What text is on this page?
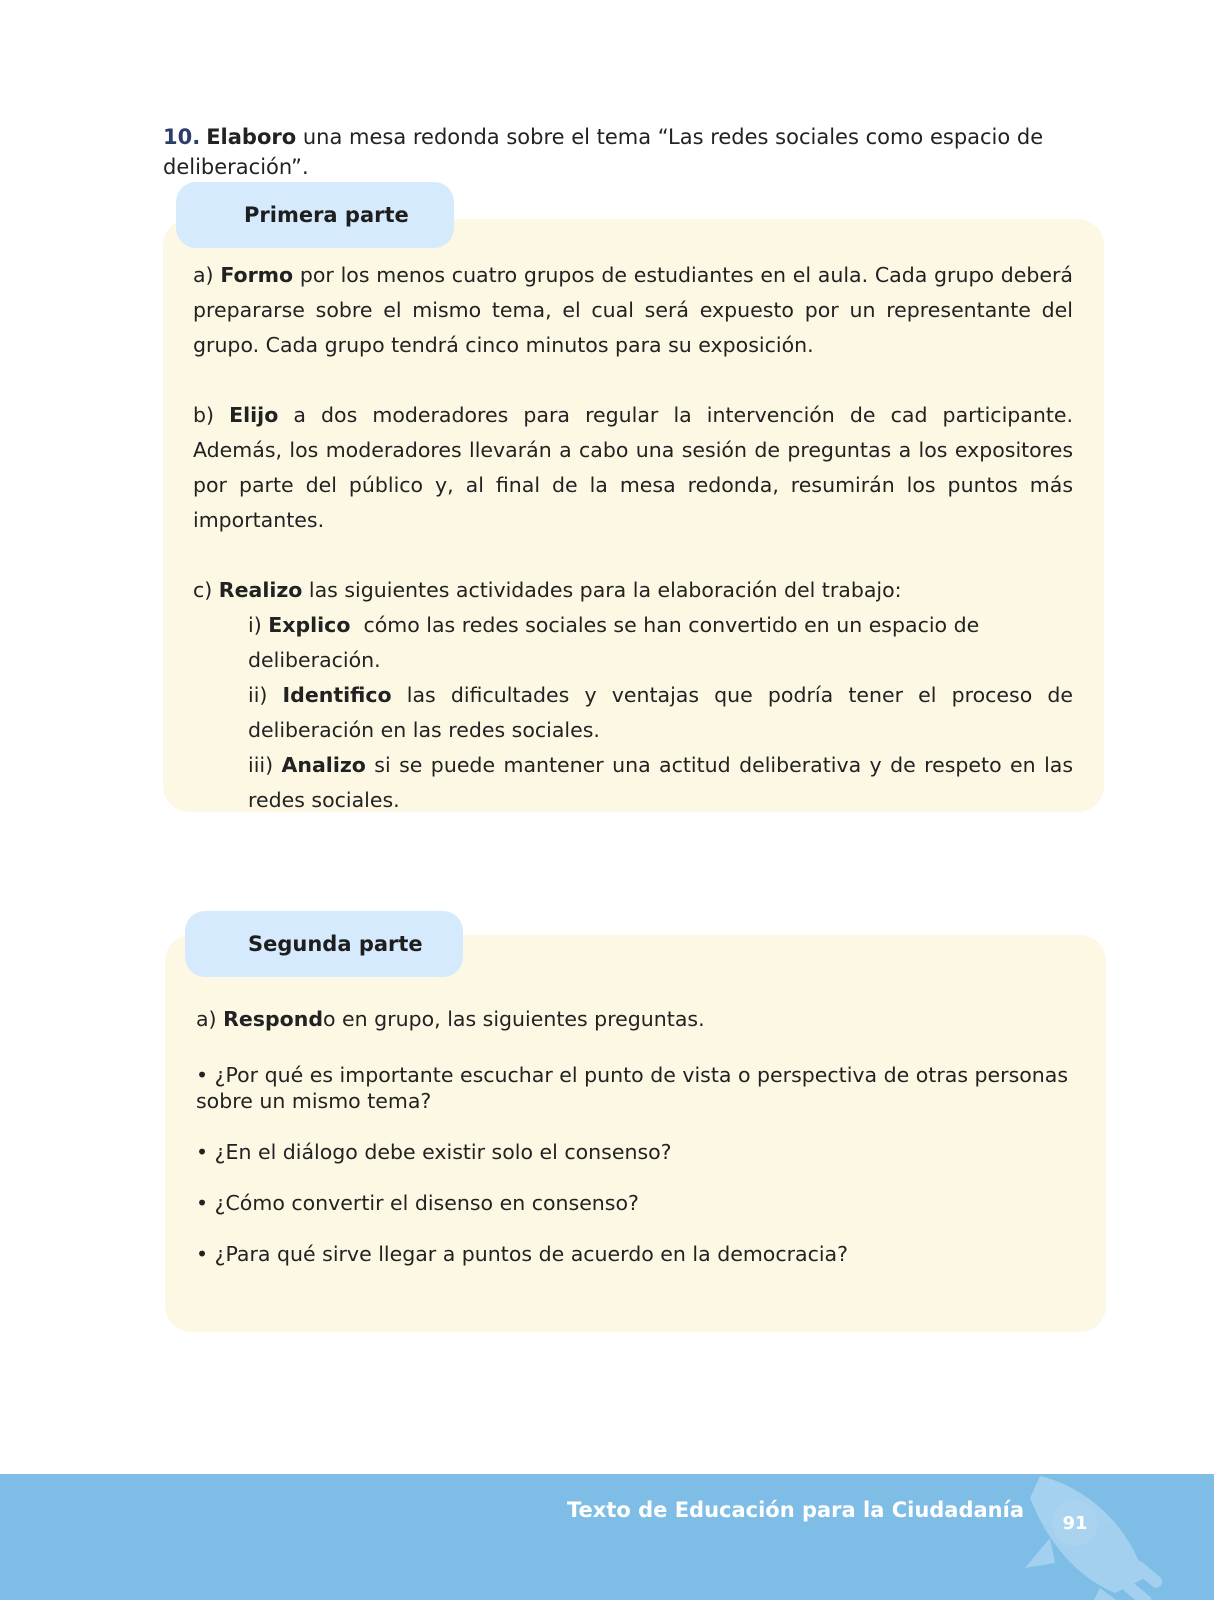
10. Elaboro una mesa redonda sobre el tema “Las redes sociales como espacio de deliberación”.
Primera parte

a) Formo por los menos cuatro grupos de estudiantes en el aula. Cada grupo deberá prepararse sobre el mismo tema, el cual será expuesto por un representante del grupo. Cada grupo tendrá cinco minutos para su exposición.

b) Elijo a dos moderadores para regular la intervención de cad participante. Además, los moderadores llevarán a cabo una sesión de preguntas a los expositores por parte del público y, al final de la mesa redonda, resumirán los puntos más importantes.

c) Realizo las siguientes actividades para la elaboración del trabajo:

i) Explico  cómo las redes sociales se han convertido en un espacio de deliberación.

ii) Identifico las dificultades y ventajas que podría tener el proceso de deliberación en las redes sociales.

iii) Analizo si se puede mantener una actitud deliberativa y de respeto en las redes sociales.

Segunda parte

a) Respondo en grupo, las siguientes preguntas.

• ¿Por qué es importante escuchar el punto de vista o perspectiva de otras personas sobre un mismo tema?

• ¿En el diálogo debe existir solo el consenso?

• ¿Cómo convertir el disenso en consenso?

• ¿Para qué sirve llegar a puntos de acuerdo en la democracia?

Texto de Educación para la Ciudadanía
91
